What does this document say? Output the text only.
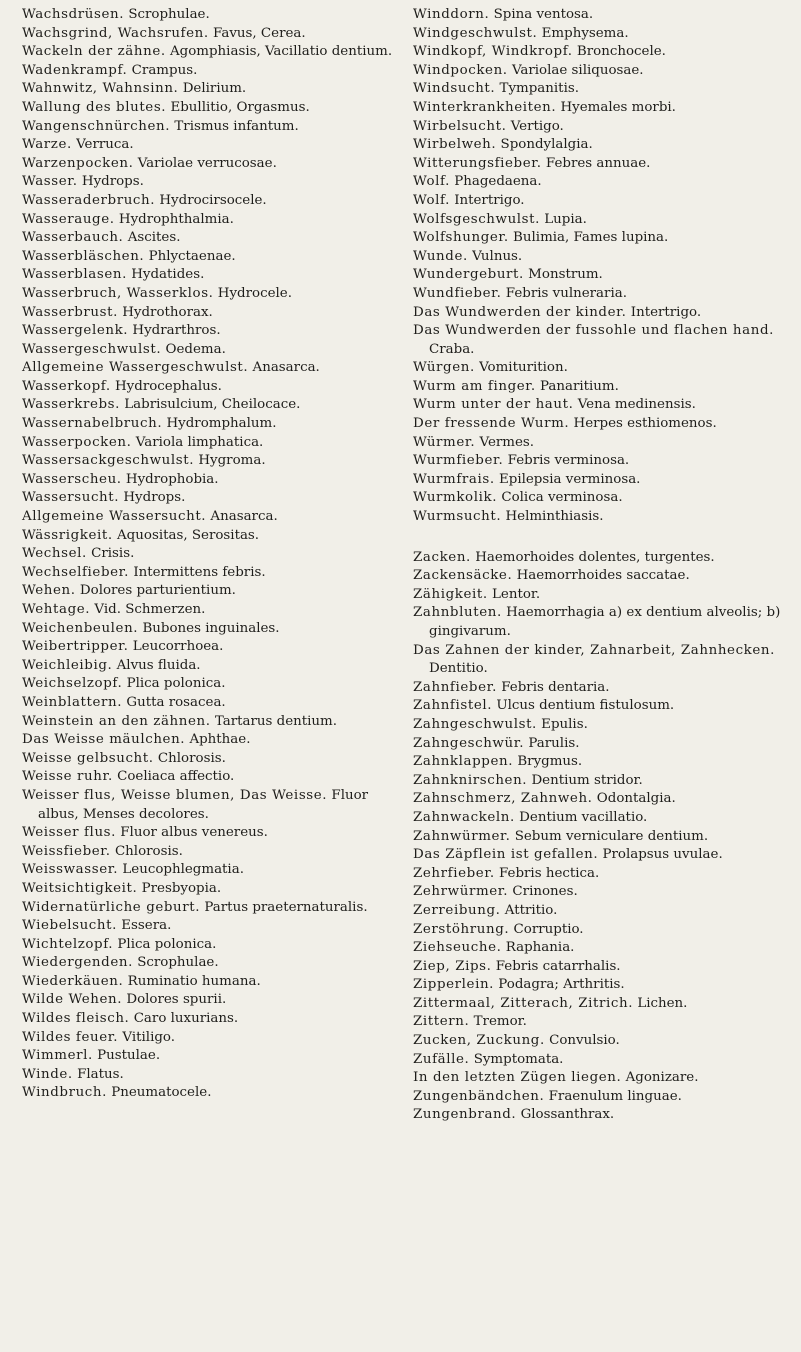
Wachsdrüsen. Scrophulae.
Wachsgrind, Wachsrufen. Favus, Cerea.
Wackeln der zähne. Agomphiasis, Vacillatio dentium.
Wadenkrampf. Crampus.
Wahnwitz, Wahnsinn. Delirium.
Wallung des blutes. Ebullitio, Orgasmus.
Wangenschnürchen. Trismus infantum.
Warze. Verruca.
Warzenpocken. Variolae verrucosae.
Wasser. Hydrops.
Wasseraderbruch. Hydrocirsocele.
Wasserauge. Hydrophthalmia.
Wasserbauch. Ascites.
Wasserbläschen. Phlyctaenae.
Wasserblasen. Hydatides.
Wasserbruch, Wasserklos. Hydrocele.
Wasserbrust. Hydrothorax.
Wassergelenk. Hydrarthros.
Wassergeschwulst. Oedema.
Allgemeine Wassergeschwulst. Anasarca.
Wasserkopf. Hydrocephalus.
Wasserkrebs. Labrisulcium, Cheilocace.
Wassernabelbruch. Hydromphalum.
Wasserpocken. Variola limphatica.
Wassersackgeschwulst. Hygroma.
Wasserscheu. Hydrophobia.
Wassersucht. Hydrops.
Allgemeine Wassersucht. Anasarca.
Wässrigkeit. Aquositas, Serositas.
Wechsel. Crisis.
Wechselfieber. Intermittens febris.
Wehen. Dolores parturientium.
Wehtage. Vid. Schmerzen.
Weichenbeulen. Bubones inguinales.
Weibertripper. Leucorrhoea.
Weichleibig. Alvus fluida.
Weichselzopf. Plica polonica.
Weinblattern. Gutta rosacea.
Weinstein an den zähnen. Tartarus dentium.
Das Weisse mäulchen. Aphthae.
Weisse gelbsucht. Chlorosis.
Weisse ruhr. Coeliaca affectio.
Weisser flus, Weisse blumen, Das Weisse. Fluor albus, Menses decolores.
Weisser flus. Fluor albus venereus.
Weissfieber. Chlorosis.
Weisswasser. Leucophlegmatia.
Weitsichtigkeit. Presbyopia.
Widernatürliche geburt. Partus praeternaturalis.
Wiebelsucht. Essera.
Wichtelzopf. Plica polonica.
Wiedergenden. Scrophulae.
Wiederkäuen. Ruminatio humana.
Wilde Wehen. Dolores spurii.
Wildes fleisch. Caro luxurians.
Wildes feuer. Vitiligo.
Wimmerl. Pustulae.
Winde. Flatus.
Windbruch. Pneumatocele.
Winddorn. Spina ventosa.
Windgeschwulst. Emphysema.
Windkopf, Windkropf. Bronchocele.
Windpocken. Variolae siliquosae.
Windsucht. Tympanitis.
Winterkrankheiten. Hyemales morbi.
Wirbelsucht. Vertigo.
Wirbelweh. Spondylalgia.
Witterungsfieber. Febres annuae.
Wolf. Phagedaena.
Wolf. Intertrigo.
Wolfsgeschwulst. Lupia.
Wolfshunger. Bulimia, Fames lupina.
Wunde. Vulnus.
Wundergeburt. Monstrum.
Wundfieber. Febris vulneraria.
Das Wundwerden der kinder. Intertrigo.
Das Wundwerden der fussohle und flachen hand. Craba.
Würgen. Vomiturition.
Wurm am finger. Panaritium.
Wurm unter der haut. Vena medinensis.
Der fressende Wurm. Herpes esthiomenos.
Würmer. Vermes.
Wurmfieber. Febris verminosa.
Wurmfrais. Epilepsia verminosa.
Wurmkolik. Colica verminosa.
Wurmsucht. Helminthiasis.
Zacken. Haemorhoides dolentes, turgentes.
Zackensäcke. Haemorrhoides saccatae.
Zähigkeit. Lentor.
Zahnbluten. Haemorrhagia a) ex dentium alveolis; b) gingivarum.
Das Zahnen der kinder, Zahnarbeit, Zahnhecken. Dentitio.
Zahnfieber. Febris dentaria.
Zahnfistel. Ulcus dentium fistulosum.
Zahngeschwulst. Epulis.
Zahngeschwür. Parulis.
Zahnklappen. Brygmus.
Zahnknirschen. Dentium stridor.
Zahnschmerz, Zahnweh. Odontalgia.
Zahnwackeln. Dentium vacillatio.
Zahnwürmer. Sebum verniculare dentium.
Das Zäpflein ist gefallen. Prolapsus uvulae.
Zehrfieber. Febris hectica.
Zehrwürmer. Crinones.
Zerreibung. Attritio.
Zerstöhrung. Corruptio.
Ziehseuche. Raphania.
Ziep, Zips. Febris catarrhalis.
Zipperlein. Podagra; Arthritis.
Zittermaal, Zitterach, Zitrich. Lichen.
Zittern. Tremor.
Zucken, Zuckung. Convulsio.
Zufälle. Symptomata.
In den letzten Zügen liegen. Agonizare.
Zungenbändchen. Fraenulum linguae.
Zungenbrand. Glossanthrax.
